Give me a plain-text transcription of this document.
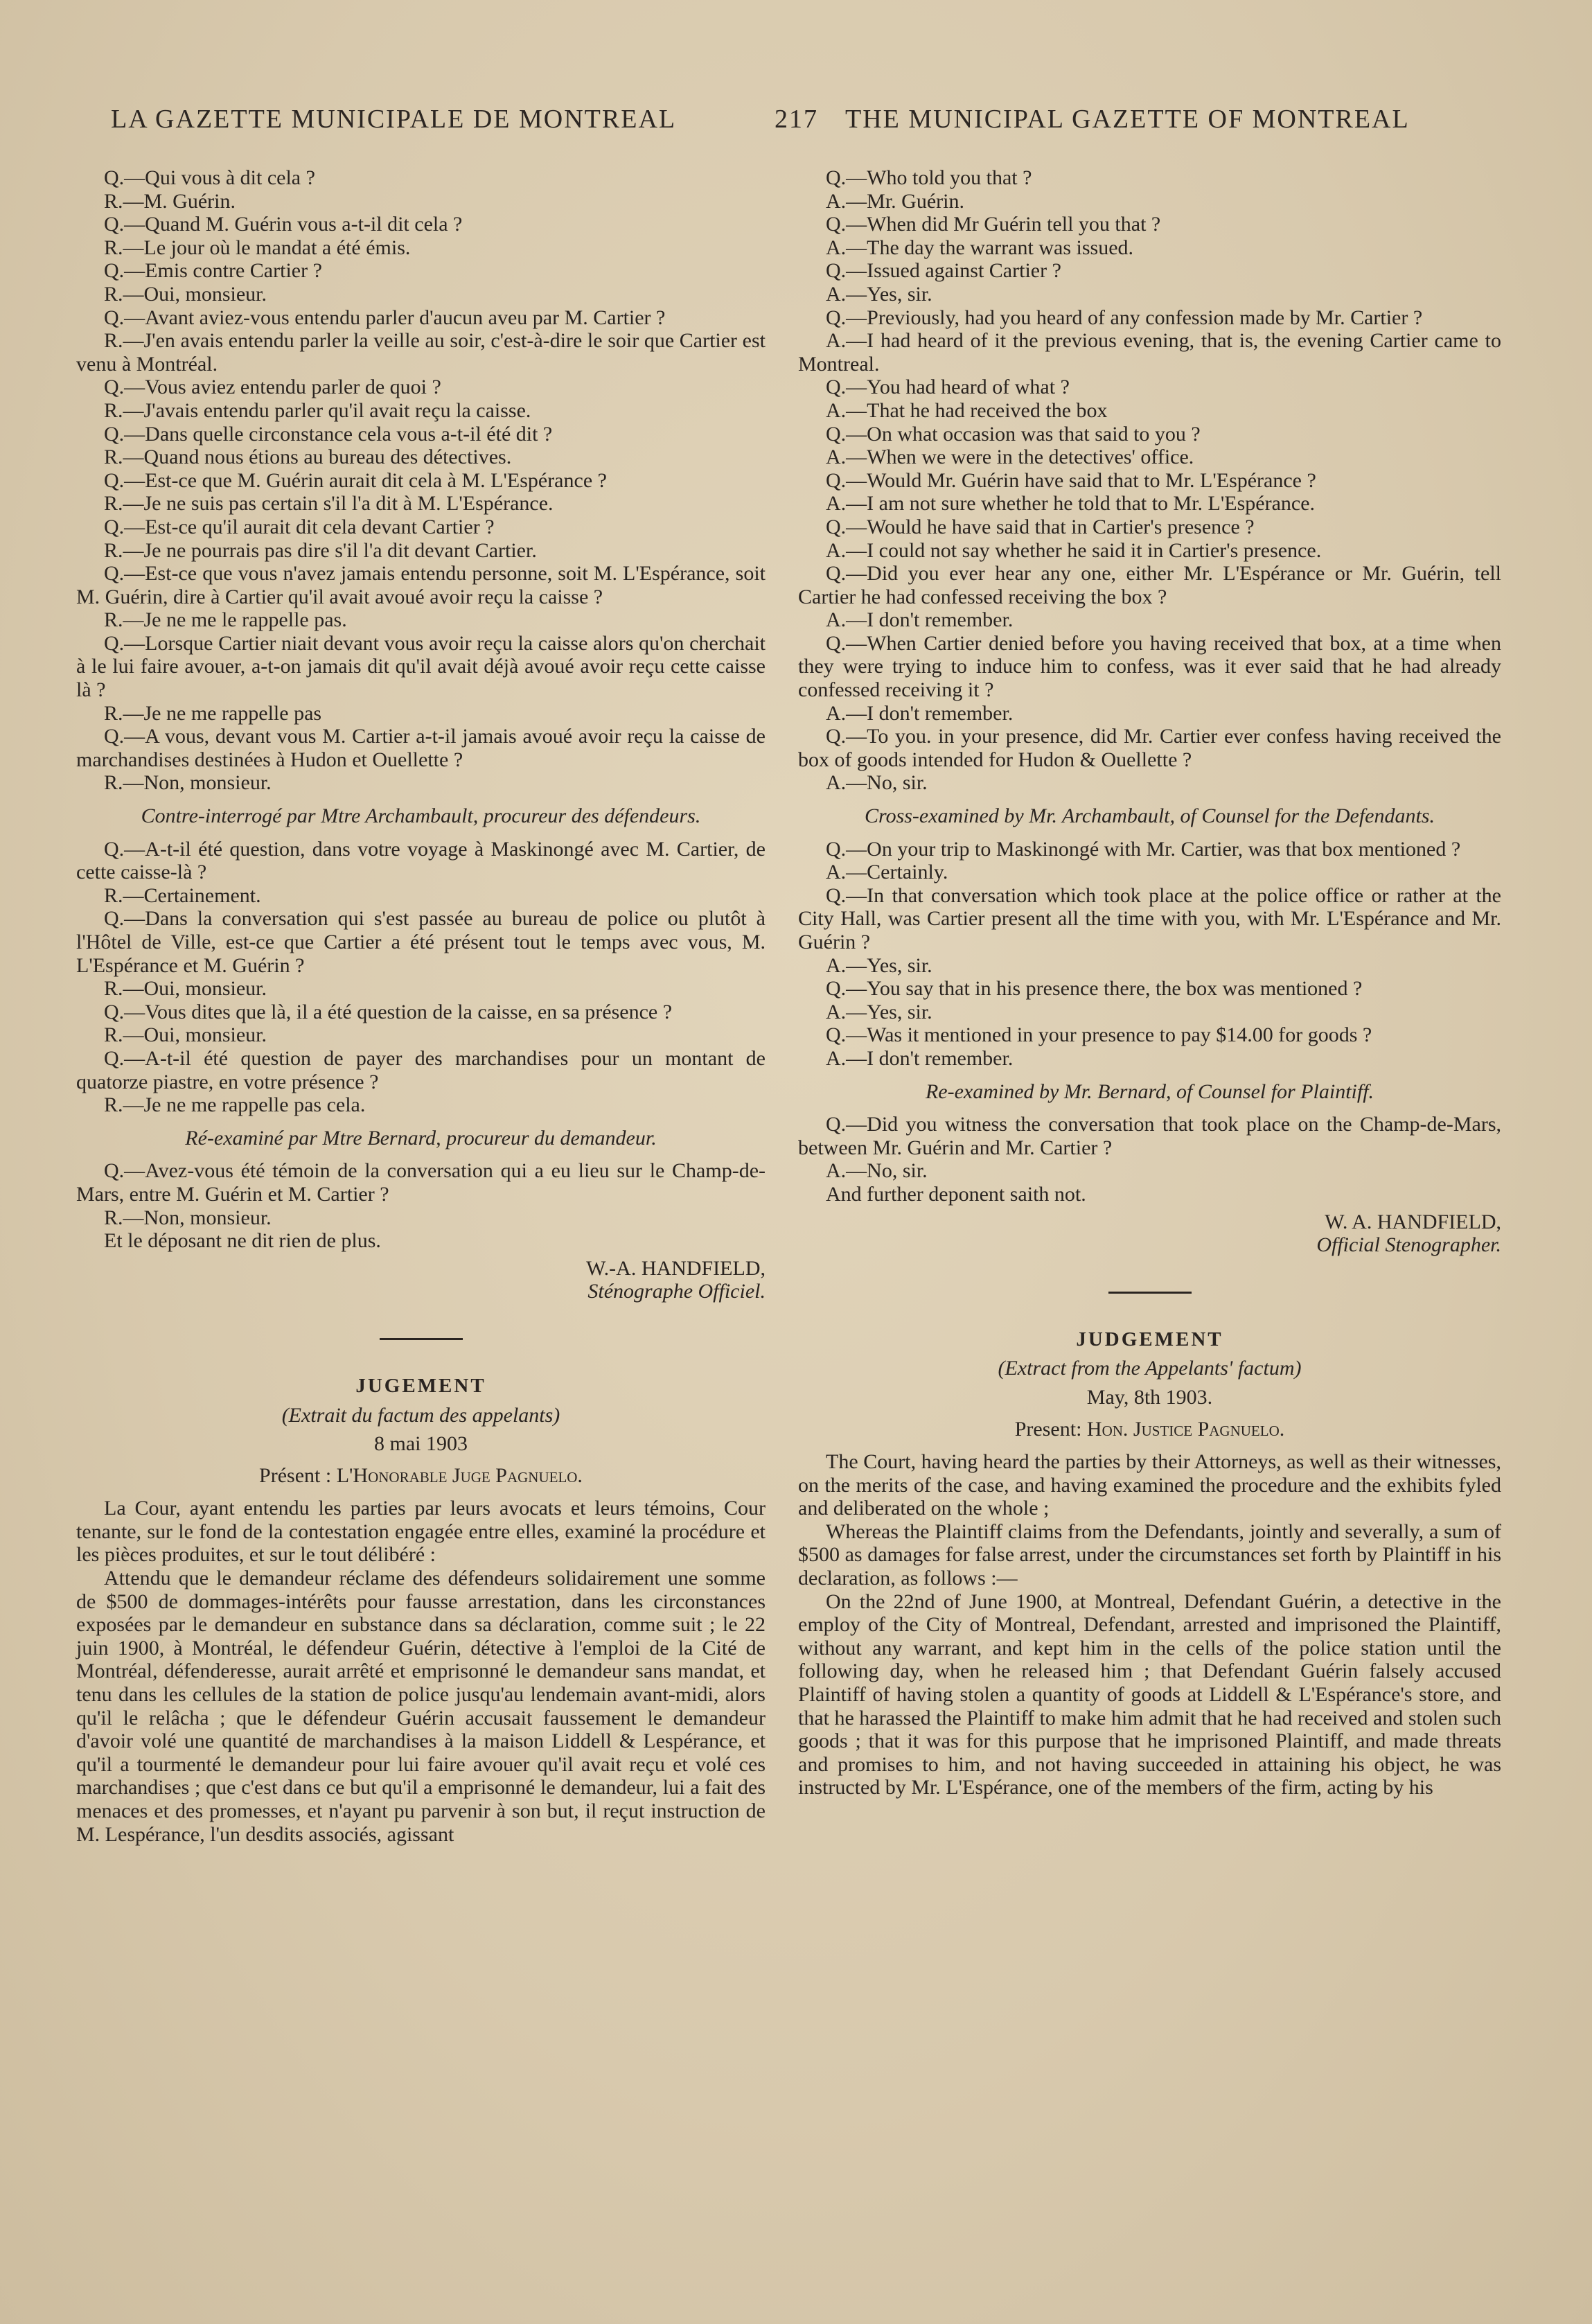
LA GAZETTE MUNICIPALE DE MONTREAL	217 THE MUNICIPAL GAZETTE OF MONTREAL

Q.—Qui vous à dit cela ?

R.—M. Guérin.

Q.—Quand M. Guérin vous a-t-il dit cela ?

R.—Le jour où le mandat a été émis.

Q.—Emis contre Cartier ?

R.—Oui, monsieur.

Q.—Avant aviez-vous entendu parler d'aucun aveu par M. Cartier ?

R.—J'en avais entendu parler la veille au soir, c'est-à-dire le soir que Cartier est venu à Montréal.

Q.—Vous aviez entendu parler de quoi ?

R.—J'avais entendu parler qu'il avait reçu la caisse.

Q.—Dans quelle circonstance cela vous a-t-il été dit ?

R.—Quand nous étions au bureau des détectives.

Q.—Est-ce que M. Guérin aurait dit cela à M. L'Espérance ?

R.—Je ne suis pas certain s'il l'a dit à M. L'Espérance.

Q.—Est-ce qu'il aurait dit cela devant Cartier ?

R.—Je ne pourrais pas dire s'il l'a dit devant Cartier.

Q.—Est-ce que vous n'avez jamais entendu personne, soit M. L'Espérance, soit M. Guérin, dire à Cartier qu'il avait avoué avoir reçu la caisse ?

R.—Je ne me le rappelle pas.

Q.—Lorsque Cartier niait devant vous avoir reçu la caisse alors qu'on cherchait à le lui faire avouer, a-t-on jamais dit qu'il avait déjà avoué avoir reçu cette caisse là ?

R.—Je ne me rappelle pas

Q.—A vous, devant vous M. Cartier a-t-il jamais avoué avoir reçu la caisse de marchandises destinées à Hudon et Ouellette ?

R.—Non, monsieur.

Contre-interrogé par Mtre Archambault, procureur des défendeurs.

Q.—A-t-il été question, dans votre voyage à Maskinongé avec M. Cartier, de cette caisse-là ?

R.—Certainement.

Q.—Dans la conversation qui s'est passée au bureau de police ou plutôt à l'Hôtel de Ville, est-ce que Cartier a été présent tout le temps avec vous, M. L'Espérance et M. Guérin ?

R.—Oui, monsieur.

Q.—Vous dites que là, il a été question de la caisse, en sa présence ?

R.—Oui, monsieur.

Q.—A-t-il été question de payer des marchandises pour un montant de quatorze piastre, en votre présence ?

R.—Je ne me rappelle pas cela.

Ré-examiné par Mtre Bernard, procureur du demandeur.

Q.—Avez-vous été témoin de la conversation qui a eu lieu sur le Champ-de-Mars, entre M. Guérin et M. Cartier ?

R.—Non, monsieur.

Et le déposant ne dit rien de plus.

W.-A. HANDFIELD,
Sténographe Officiel.
JUGEMENT
(Extrait du factum des appelants)
8 mai 1903
Présent : L'Honorable Juge Pagnuelo.

La Cour, ayant entendu les parties par leurs avocats et leurs témoins, Cour tenante, sur le fond de la contestation engagée entre elles, examiné la procédure et les pièces produites, et sur le tout délibéré :

Attendu que le demandeur réclame des défendeurs solidairement une somme de $500 de dommages-intérêts pour fausse arrestation, dans les circonstances exposées par le demandeur en substance dans sa déclaration, comme suit ; le 22 juin 1900, à Montréal, le défendeur Guérin, détective à l'emploi de la Cité de Montréal, défenderesse, aurait arrêté et emprisonné le demandeur sans mandat, et tenu dans les cellules de la station de police jusqu'au lendemain avant-midi, alors qu'il le relâcha ; que le défendeur Guérin accusait faussement le demandeur d'avoir volé une quantité de marchandises à la maison Liddell & Lespérance, et qu'il a tourmenté le demandeur pour lui faire avouer qu'il avait reçu et volé ces marchandises ; que c'est dans ce but qu'il a emprisonné le demandeur, lui a fait des menaces et des promesses, et n'ayant pu parvenir à son but, il reçut instruction de M. Lespérance, l'un desdits associés, agissant

Q.—Who told you that ?

A.—Mr. Guérin.

Q.—When did Mr Guérin tell you that ?

A.—The day the warrant was issued.

Q.—Issued against Cartier ?

A.—Yes, sir.

Q.—Previously, had you heard of any confession made by Mr. Cartier ?

A.—I had heard of it the previous evening, that is, the evening Cartier came to Montreal.

Q.—You had heard of what ?

A.—That he had received the box

Q.—On what occasion was that said to you ?

A.—When we were in the detectives' office.

Q.—Would Mr. Guérin have said that to Mr. L'Espérance ?

A.—I am not sure whether he told that to Mr. L'Espérance.

Q.—Would he have said that in Cartier's presence ?

A.—I could not say whether he said it in Cartier's presence.

Q.—Did you ever hear any one, either Mr. L'Espérance or Mr. Guérin, tell Cartier he had confessed receiving the box ?

A.—I don't remember.

Q.—When Cartier denied before you having received that box, at a time when they were trying to induce him to confess, was it ever said that he had already confessed receiving it ?

A.—I don't remember.

Q.—To you. in your presence, did Mr. Cartier ever confess having received the box of goods intended for Hudon & Ouellette ?

A.—No, sir.

Cross-examined by Mr. Archambault, of Counsel for the Defendants.

Q.—On your trip to Maskinongé with Mr. Cartier, was that box mentioned ?

A.—Certainly.

Q.—In that conversation which took place at the police office or rather at the City Hall, was Cartier present all the time with you, with Mr. L'Espérance and Mr. Guérin ?

A.—Yes, sir.

Q.—You say that in his presence there, the box was mentioned ?

A.—Yes, sir.

Q.—Was it mentioned in your presence to pay $14.00 for goods ?

A.—I don't remember.

Re-examined by Mr. Bernard, of Counsel for Plaintiff.

Q.—Did you witness the conversation that took place on the Champ-de-Mars, between Mr. Guérin and Mr. Cartier ?

A.—No, sir.

And further deponent saith not.

W. A. HANDFIELD,
Official Stenographer.
JUDGEMENT
(Extract from the Appelants' factum)
May, 8th 1903.
Present: Hon. Justice Pagnuelo.

The Court, having heard the parties by their Attorneys, as well as their witnesses, on the merits of the case, and having examined the procedure and the exhibits fyled and deliberated on the whole ;

Whereas the Plaintiff claims from the Defendants, jointly and severally, a sum of $500 as damages for false arrest, under the circumstances set forth by Plaintiff in his declaration, as follows :—

On the 22nd of June 1900, at Montreal, Defendant Guérin, a detective in the employ of the City of Montreal, Defendant, arrested and imprisoned the Plaintiff, without any warrant, and kept him in the cells of the police station until the following day, when he released him ; that Defendant Guérin falsely accused Plaintiff of having stolen a quantity of goods at Liddell & L'Espérance's store, and that he harassed the Plaintiff to make him admit that he had received and stolen such goods ; that it was for this purpose that he imprisoned Plaintiff, and made threats and promises to him, and not having succeeded in attaining his object, he was instructed by Mr. L'Espérance, one of the members of the firm, acting by his
